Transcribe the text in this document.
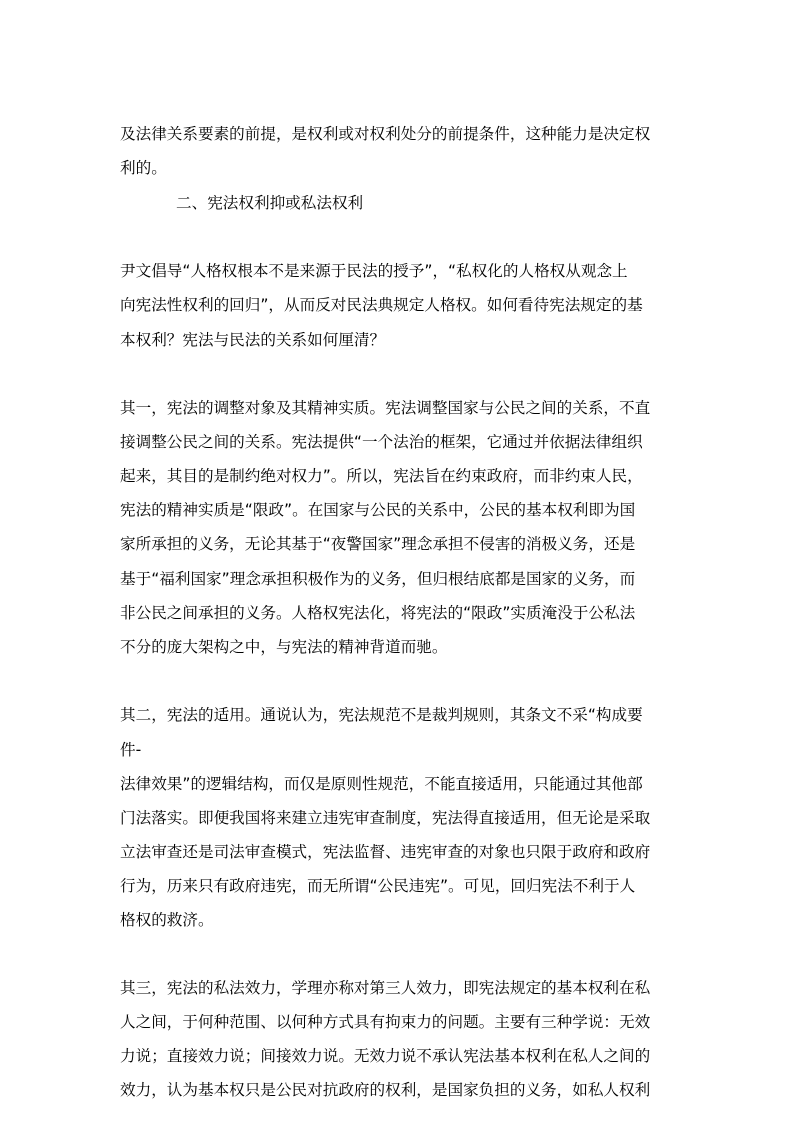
及法律关系要素的前提，是权利或对权利处分的前提条件，这种能力是决定权
利的。
二、宪法权利抑或私法权利
尹文倡导“人格权根本不是来源于民法的授予”，“私权化的人格权从观念上
向宪法性权利的回归”，从而反对民法典规定人格权。如何看待宪法规定的基
本权利？宪法与民法的关系如何厘清？
其一，宪法的调整对象及其精神实质。宪法调整国家与公民之间的关系，不直
接调整公民之间的关系。宪法提供“一个法治的框架，它通过并依据法律组织
起来，其目的是制约绝对权力”。所以，宪法旨在约束政府，而非约束人民，
宪法的精神实质是“限政”。在国家与公民的关系中，公民的基本权利即为国
家所承担的义务，无论其基于“夜警国家”理念承担不侵害的消极义务，还是
基于“福利国家”理念承担积极作为的义务，但归根结底都是国家的义务，而
非公民之间承担的义务。人格权宪法化，将宪法的“限政”实质淹没于公私法
不分的庞大架构之中，与宪法的精神背道而驰。
其二，宪法的适用。通说认为，宪法规范不是裁判规则，其条文不采“构成要
件-
法律效果”的逻辑结构，而仅是原则性规范，不能直接适用，只能通过其他部
门法落实。即便我国将来建立违宪审查制度，宪法得直接适用，但无论是采取
立法审查还是司法审查模式，宪法监督、违宪审查的对象也只限于政府和政府
行为，历来只有政府违宪，而无所谓“公民违宪”。可见，回归宪法不利于人
格权的救济。
其三，宪法的私法效力，学理亦称对第三人效力，即宪法规定的基本权利在私
人之间，于何种范围、以何种方式具有拘束力的问题。主要有三种学说：无效
力说；直接效力说；间接效力说。无效力说不承认宪法基本权利在私人之间的
效力，认为基本权只是公民对抗政府的权利，是国家负担的义务，如私人权利
